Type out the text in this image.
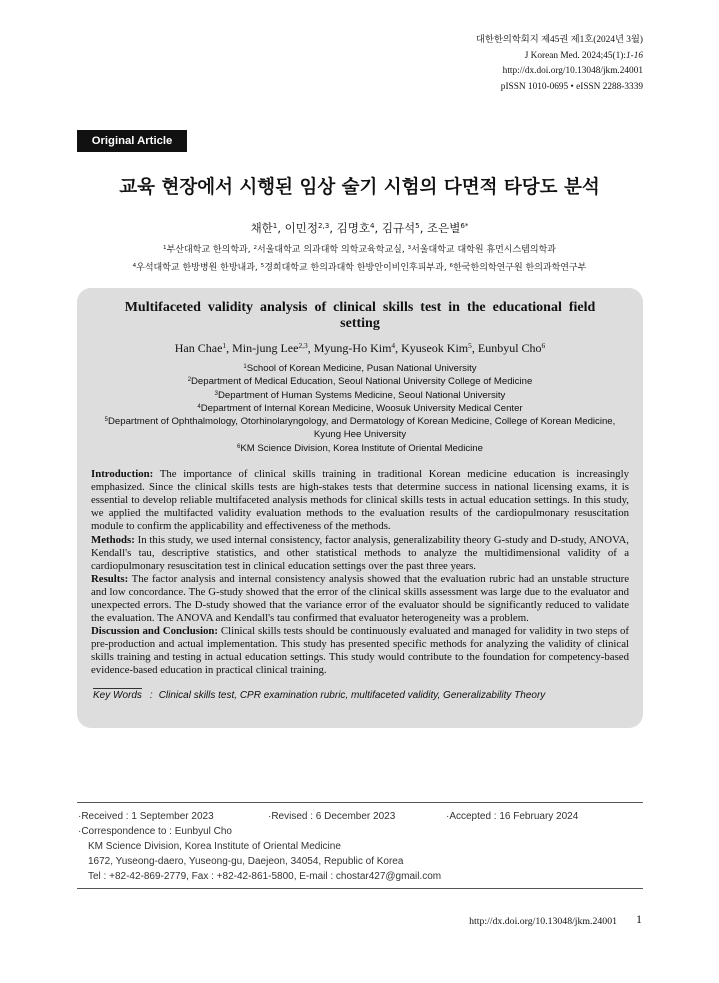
대한한의학회지 제45권 제1호(2024년 3월)
J Korean Med. 2024;45(1):1-16
http://dx.doi.org/10.13048/jkm.24001
pISSN 1010-0695 • eISSN 2288-3339
Original Article
교육 현장에서 시행된 임상 술기 시험의 다면적 타당도 분석
채한$^1$, 이민정$^{2,3}$, 김명호$^4$, 김규석$^5$, 조은별$^{6*}$
$^1$부산대학교 한의학과, $^2$서울대학교 의과대학 의학교육학교실, $^3$서울대학교 대학원 휴먼시스템의학과
$^4$우석대학교 한방병원 한방내과, $^5$경희대학교 한의과대학 한방안이비인후피부과, $^6$한국한의학연구원 한의과학연구부
Multifaceted validity analysis of clinical skills test in the educational field setting
Han Chae$^1$, Min-jung Lee$^{2,3}$, Myung-Ho Kim$^4$, Kyuseok Kim$^5$, Eunbyul Cho$^6$
$^1$School of Korean Medicine, Pusan National University
$^2$Department of Medical Education, Seoul National University College of Medicine
$^3$Department of Human Systems Medicine, Seoul National University
$^4$Department of Internal Korean Medicine, Woosuk University Medical Center
$^5$Department of Ophthalmology, Otorhinolaryngology, and Dermatology of Korean Medicine, College of Korean Medicine, Kyung Hee University
$^6$KM Science Division, Korea Institute of Oriental Medicine

Introduction: The importance of clinical skills training in traditional Korean medicine education is increasingly emphasized. Since the clinical skills tests are high-stakes tests that determine success in national licensing exams, it is essential to develop reliable multifaceted analysis methods for clinical skills tests in actual education settings. In this study, we applied the multifacted validity evaluation methods to the evaluation results of the cardiopulmonary resuscitation module to confirm the applicability and effectiveness of the methods.

Methods: In this study, we used internal consistency, factor analysis, generalizability theory G-study and D-study, ANOVA, Kendall's tau, descriptive statistics, and other statistical methods to analyze the multidimensional validity of a cardiopulmonary resuscitation test in clinical education settings over the past three years.

Results: The factor analysis and internal consistency analysis showed that the evaluation rubric had an unstable structure and low concordance. The G-study showed that the error of the clinical skills assessment was large due to the evaluator and unexpected errors. The D-study showed that the variance error of the evaluator should be significantly reduced to validate the evaluation. The ANOVA and Kendall's tau confirmed that evaluator heterogeneity was a problem.

Discussion and Conclusion: Clinical skills tests should be continuously evaluated and managed for validity in two steps of pre-production and actual implementation. This study has presented specific methods for analyzing the validity of clinical skills training and testing in actual education settings. This study would contribute to the foundation for competency-based evidence-based education in practical clinical training.

Key Words : Clinical skills test, CPR examination rubric, multifaceted validity, Generalizability Theory
·Received : 1 September 2023	·Revised : 6 December 2023	·Accepted : 16 February 2024
·Correspondence to : Eunbyul Cho
KM Science Division, Korea Institute of Oriental Medicine
1672, Yuseong-daero, Yuseong-gu, Daejeon, 34054, Republic of Korea
Tel : +82-42-869-2779, Fax : +82-42-861-5800, E-mail : chostar427@gmail.com
http://dx.doi.org/10.13048/jkm.24001 1
